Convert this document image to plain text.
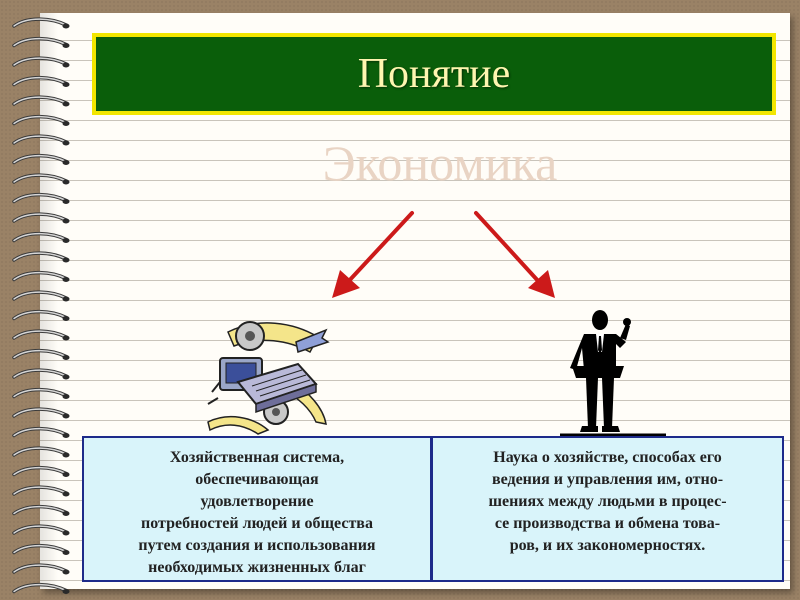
Понятие
Экономика
Хозяйственная система,
обеспечивающая
удовлетворение
потребностей людей и общества
путем создания и использования
необходимых жизненных благ
Наука о хозяйстве, способах его
ведения и управления им, отно-
шениях между людьми в процес-
се производства и обмена това-
ров, и их закономерностях.
